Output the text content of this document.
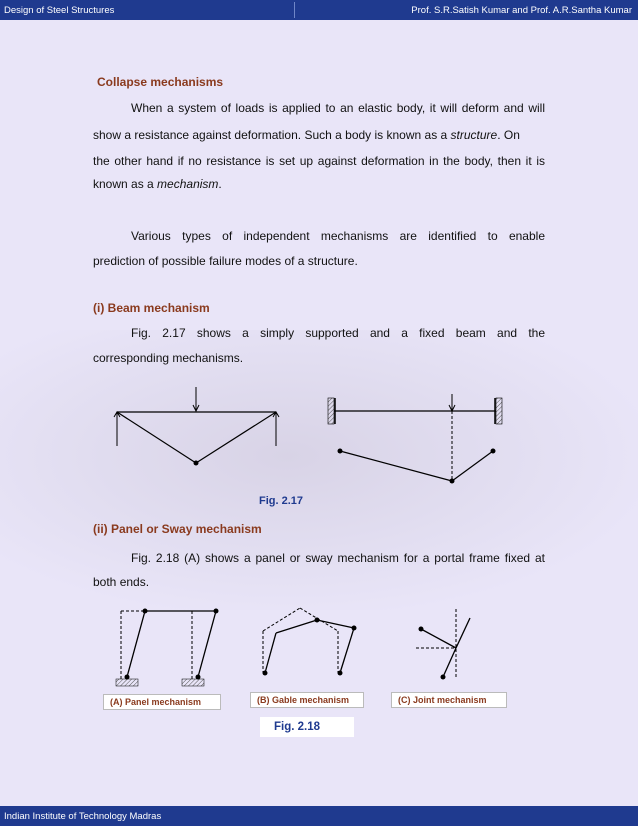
Design of Steel Structures	Prof. S.R.Satish Kumar and Prof. A.R.Santha Kumar
Collapse mechanisms
When a system of loads is applied to an elastic body, it will deform and will
show a resistance against deformation. Such a body is known as a structure. On
the other hand if no resistance is set up against deformation in the body, then it is
known as a mechanism.
Various types of independent mechanisms are identified to enable
prediction of possible failure modes of a structure.
(i) Beam mechanism
Fig. 2.17 shows a simply supported and a fixed beam and the
corresponding mechanisms.
Fig. 2.17
(ii) Panel or Sway mechanism
Fig. 2.18 (A) shows a panel or sway mechanism for a portal frame fixed at
both ends.
(A) Panel mechanism	(B) Gable mechanism	(C) Joint mechanism
Fig. 2.18
Indian Institute of Technology Madras
